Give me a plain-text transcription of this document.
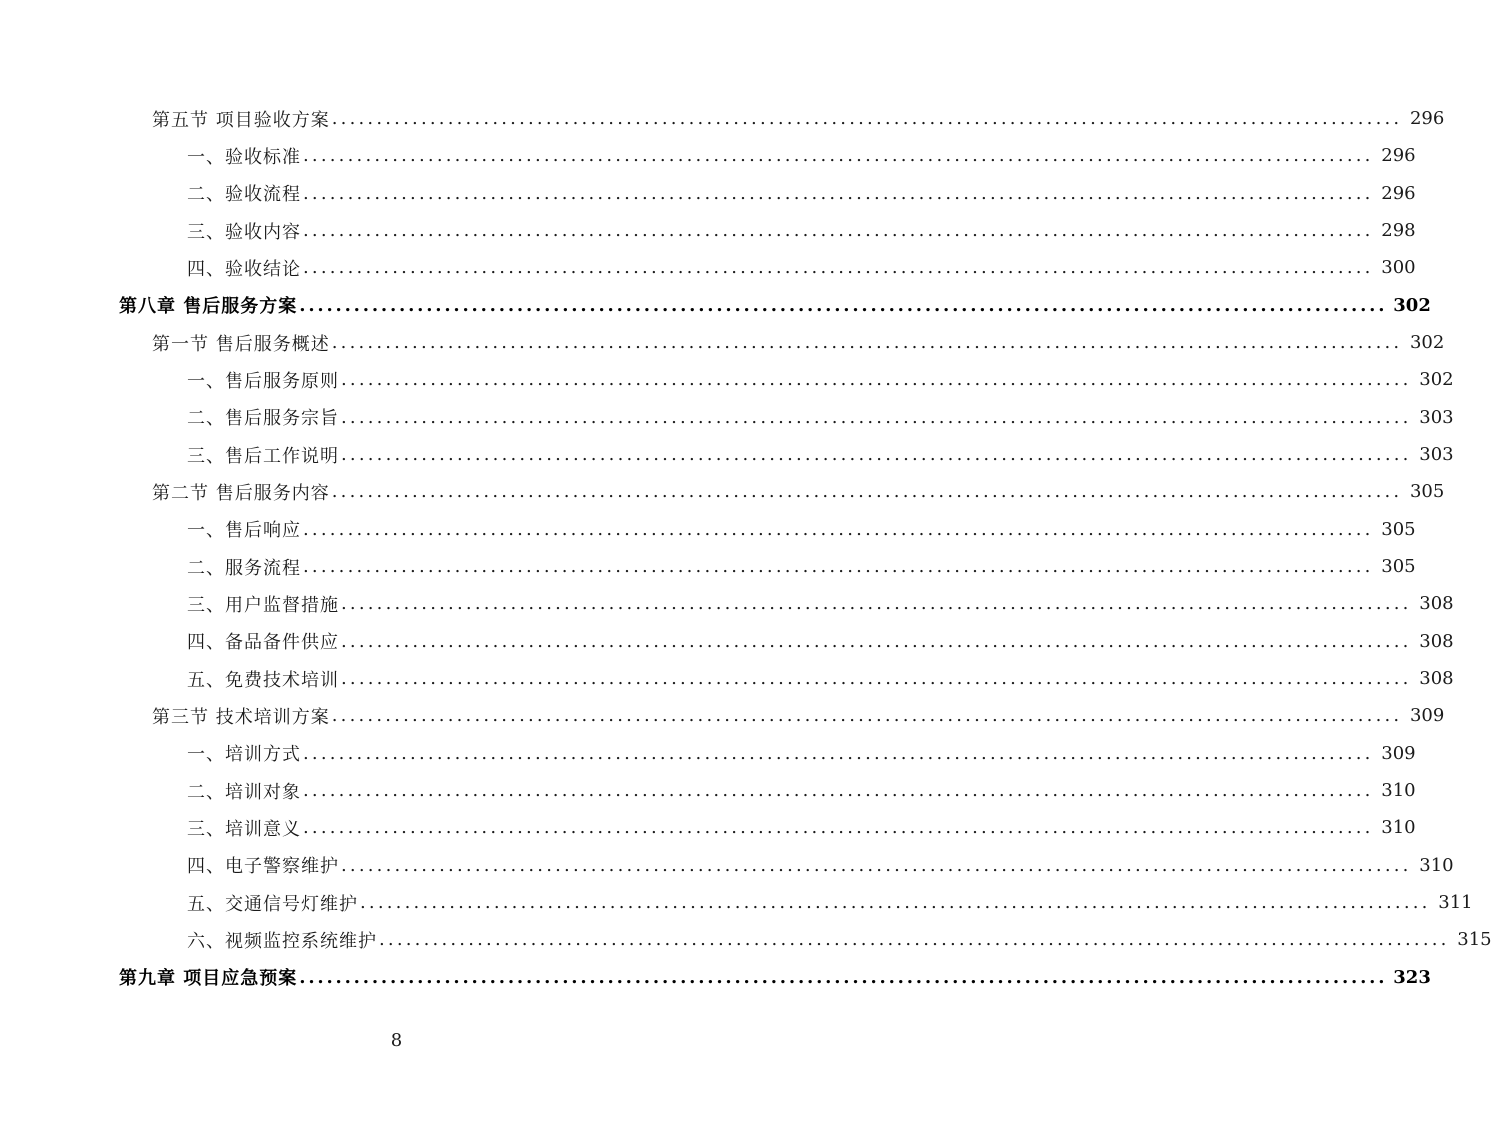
第五节 项目验收方案 ........................................................................................................................ 296
一、验收标准 ........................................................................................................................ 296
二、验收流程 ........................................................................................................................ 296
三、验收内容 ........................................................................................................................ 298
四、验收结论 ........................................................................................................................ 300
第八章 售后服务方案 ........................................................................................................................ 302
第一节 售后服务概述 ........................................................................................................................ 302
一、售后服务原则 ........................................................................................................................ 302
二、售后服务宗旨 ........................................................................................................................ 303
三、售后工作说明 ........................................................................................................................ 303
第二节 售后服务内容 ........................................................................................................................ 305
一、售后响应 ........................................................................................................................ 305
二、服务流程 ........................................................................................................................ 305
三、用户监督措施 ........................................................................................................................ 308
四、备品备件供应 ........................................................................................................................ 308
五、免费技术培训 ........................................................................................................................ 308
第三节 技术培训方案 ........................................................................................................................ 309
一、培训方式 ........................................................................................................................ 309
二、培训对象 ........................................................................................................................ 310
三、培训意义 ........................................................................................................................ 310
四、电子警察维护 ........................................................................................................................ 310
五、交通信号灯维护 ........................................................................................................................ 311
六、视频监控系统维护 ........................................................................................................................ 315
第九章 项目应急预案 ........................................................................................................................ 323
8
